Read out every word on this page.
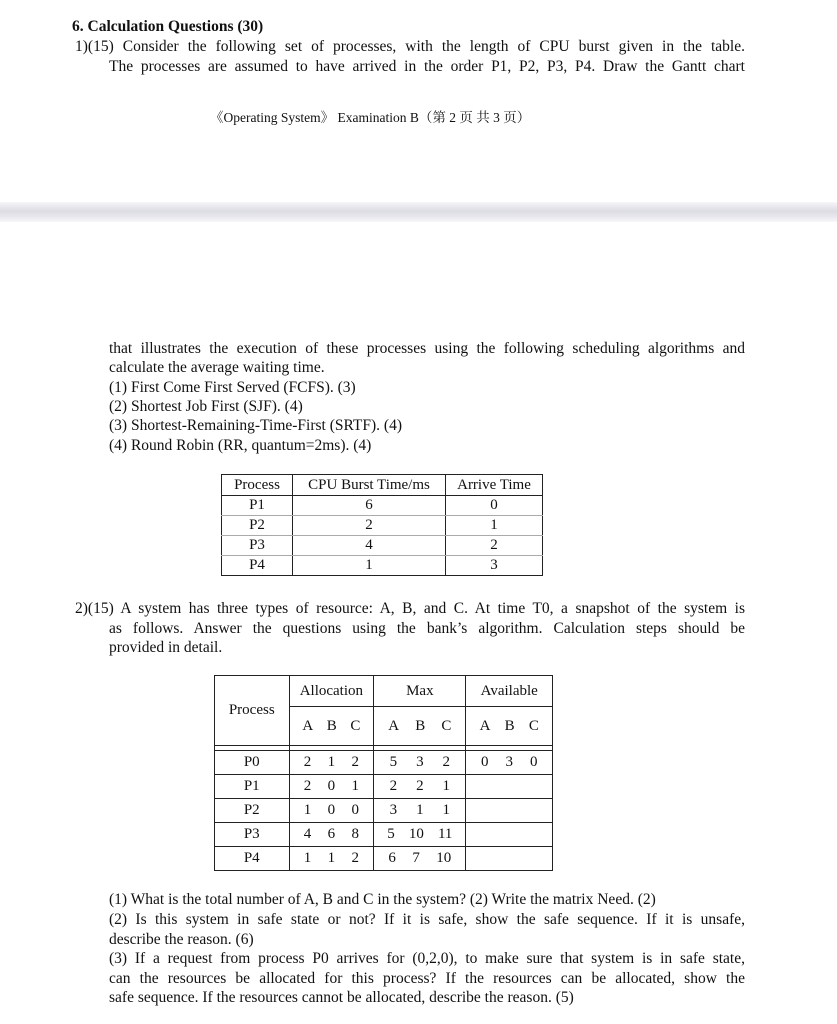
6. Calculation Questions (30)
1)(15) Consider the following set of processes, with the length of CPU burst given in the table.
The processes are assumed to have arrived in the order P1, P2, P3, P4. Draw the Gantt chart
《Operating System》 Examination B（第 2 页 共 3 页）
that illustrates the execution of these processes using the following scheduling algorithms and
calculate the average waiting time.
(1) First Come First Served (FCFS). (3)
(2) Shortest Job First (SJF). (4)
(3) Shortest-Remaining-Time-First (SRTF). (4)
(4) Round Robin (RR, quantum=2ms). (4)
Process	CPU Burst Time/ms	Arrive Time
P1	6	0
P2	2	1
P3	4	2
P4	1	3
2)(15) A system has three types of resource: A, B, and C. At time T0, a snapshot of the system is
as follows. Answer the questions using the bank’s algorithm. Calculation steps should be
provided in detail.
Process	Allocation	Max	Available

	A B C	A B C	A B C

P0	2 1 2	5 3 2	0 3 0

P1	2 0 1	2 2 1	

P2	1 0 0	3 1 1	

P3	4 6 8	5 10 11	

P4	1 1 2	6 7 10	

(1) What is the total number of A, B and C in the system? (2) Write the matrix Need. (2)
(2) Is this system in safe state or not? If it is safe, show the safe sequence. If it is unsafe,
describe the reason. (6)
(3) If a request from process P0 arrives for (0,2,0), to make sure that system is in safe state,
can the resources be allocated for this process? If the resources can be allocated, show the
safe sequence. If the resources cannot be allocated, describe the reason. (5)
